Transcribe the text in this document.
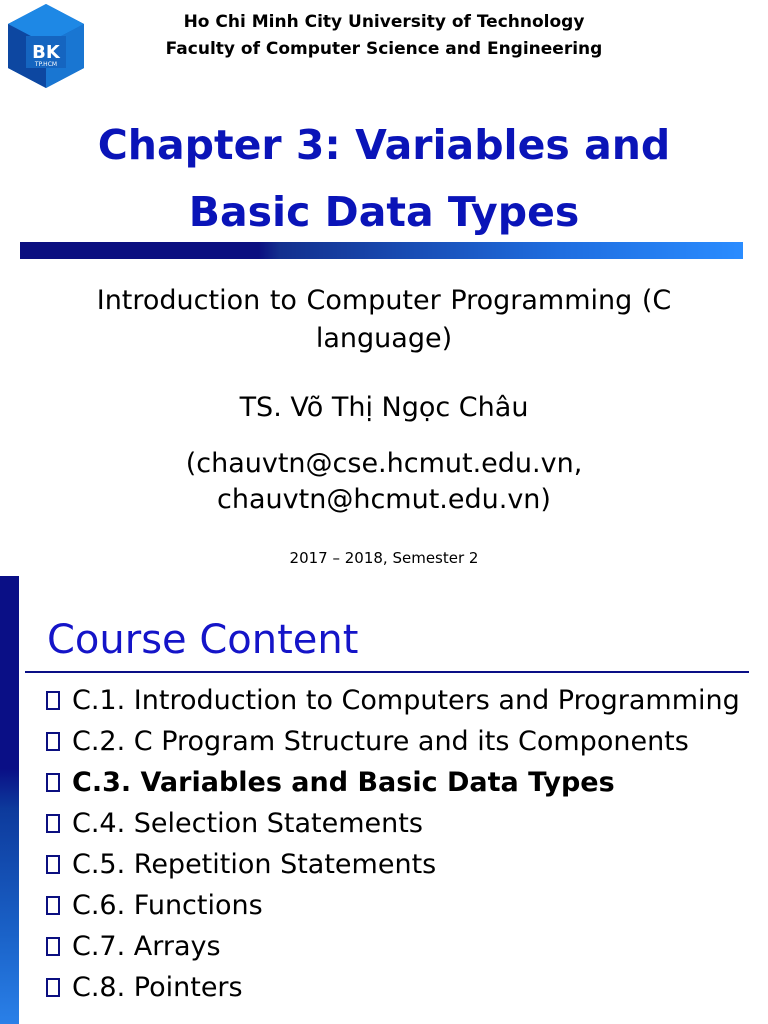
BK
TP.HCM
Ho Chi Minh City University of Technology
Faculty of Computer Science and Engineering
Chapter 3: Variables and
Basic Data Types
Introduction to Computer Programming (C language)
TS. Võ Thị Ngọc Châu
(chauvtn@cse.hcmut.edu.vn,
chauvtn@hcmut.edu.vn)
2017 – 2018, Semester 2
Course Content
C.1. Introduction to Computers and Programming
C.2. C Program Structure and its Components
C.3. Variables and Basic Data Types
C.4. Selection Statements
C.5. Repetition Statements
C.6. Functions
C.7. Arrays
C.8. Pointers
